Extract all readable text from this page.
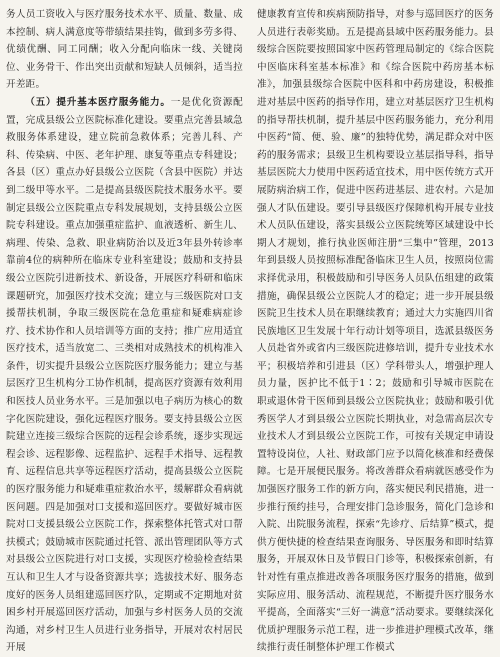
务人员工资收入与医疗服务技术水平、质量、数量、成本控制、病人满意度等带绩结果挂钩，做到多劳多得、优绩优酬、同工同酬；收入分配向临床一线、关键岗位、业务骨干、作出突出贡献和短缺人员倾斜，适当拉开差距。

（五）提升基本医疗服务能力。一是优化资源配置，完成县级公立医院标准化建设。要重点完善县域急救服务体系建设，建立院前急救体系；完善儿科、产科、传染病、中医、老年护理、康复等重点专科建设；各县（区）重点办好县级公立医院（含县中医院）并达到二级甲等水平。二是提高县级医院技术服务水平。要制定县级公立医院重点专科发展规划，支持县级公立医院专科建设。重点加强重症监护、血液透析、新生儿、病理、传染、急救、职业病防治以及近3年县外转诊率靠前4位的病种所在临床专业科室建设；鼓励和支持县级公立医院引进新技术、新设备，开展医疗科研和临床课题研究，加强医疗技术交流；建立与三级医院对口支援帮扶机制，争取三级医院在急危重症和疑难病症诊疗、技术协作和人员培训等方面的支持；推广应用适宜医疗技术，适当放宽二、三类相对成熟技术的机构准入条件，切实提升县级公立医院医疗服务能力；建立与基层医疗卫生机构分工协作机制，提高医疗资源有效利用和医技人员业务水平。三是加强以电子病历为核心的数字化医院建设，强化远程医疗服务。要支持县级公立医院建立连接三级综合医院的远程会诊系统，逐步实现远程会诊、远程影像、远程监护、远程手术指导、远程教育、远程信息共享等远程医疗活动，提高县级公立医院的医疗服务能力和疑难重症救治水平，缓解群众看病就医问题。四是加强对口支援和巡回医疗。要做好城市医院对口支援县级公立医院工作，探索整体托管式对口帮扶模式；鼓励城市医院通过托管、派出管理团队等方式对县级公立医院进行对口支援，实现医疗检验检查结果互认和卫生人才与设备资源共享；选拔技术好、服务态度好的医务人员组建巡回医疗队，定期或不定期地对贫困乡村开展巡回医疗活动，加强与乡村医务人员的交流沟通，对乡村卫生人员进行业务指导，开展对农村居民开展

健康教育宣传和疾病预防指导，对参与巡回医疗的医务人员进行表彰奖励。五是提高县域中医药服务能力。县级综合医院要按照国家中医药管理局制定的《综合医院中医临床科室基本标准》和《综合医院中药房基本标准》，加强县级综合医院中医科和中药房建设，积极推进对基层中医药的指导作用，建立对基层医疗卫生机构的指导帮扶机制，提升基层中医药服务能力，充分利用中医药“简、便、验、廉”的独特优势，满足群众对中医药的服务需求；县级卫生机构要设立基层指导科，指导基层医院大力使用中医药适宜技术，用中医传统方式开展防病治病工作，促进中医药进基层、进农村。六是加强人才队伍建设。要引导县级医疗保障机构开展专业技术人员队伍建设，落实县级公立医院统筹区域建设中长期人才规划，推行执业医师注册“三集中”管理，2013年到县级人员按照标准配备临床卫生人员，按照岗位需求择优录用，积极鼓励和引导医务人员队伍组建的政策措施，确保县级公立医院人才的稳定；进一步开展县级医院卫生技术人员在职继续教育；通过大力实施四川省民族地区卫生发展十年行动计划等项目，选派县级医务人员赴省外或省内三级医院进修培训，提升专业技术水平；积极培养和引进县（区）学科带头人，增强护理人员力量，医护比不低于1∶2；鼓励和引导城市医院在职或退休骨干医师到县级公立医院执业；鼓励和吸引优秀医学人才到县级公立医院长期执业，对急需高层次专业技术人才到县级公立医院工作，可按有关规定申请设置特设岗位，人社、财政部门应予以简化核准和经费保障。七是开展便民服务。将改善群众看病就医感受作为加强医疗服务工作的新方向，落实便民利民措施，进一步推行预约挂号，合理安排门急诊服务，简化门急诊和入院、出院服务流程，探索“先诊疗、后结算”模式，提供方便快捷的检查结果查询服务、导医服务和即时结算服务，开展双休日及节假日门诊等，积极探索创新，有针对性有重点推进改善各项服务医疗服务的措施，做到实际应用、服务活动、流程规范，不断提升医疗服务水平提高，全面落实“三好一满意”活动要求。要继续深化优质护理服务示范工程，进一步推进护理模式改革，继续推行责任制整体护理工作模式
